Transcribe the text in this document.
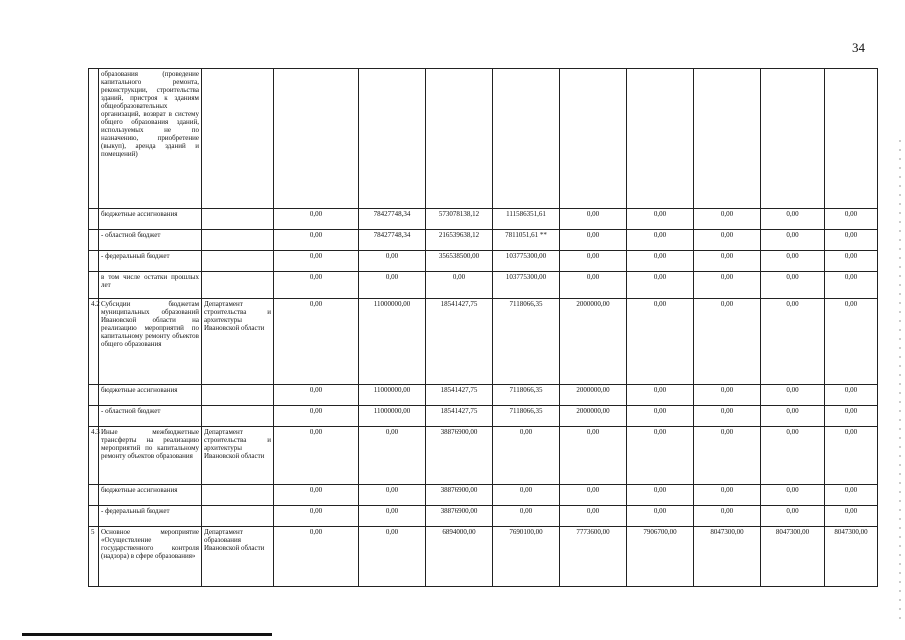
34
	образования (проведение капитального ремонта, реконструкции, строительства зданий, пристроя к зданиям общеобразовательных организаций, возврат в систему общего образования зданий, используемых не по назначению, приобретение (выкуп), аренда зданий и помещений)											
	бюджетные ассигнования		0,00	78427748,34	573078138,12	111586351,61	0,00	0,00	0,00	0,00	0,00	
	- областной бюджет		0,00	78427748,34	216539638,12	7811051,61 **	0,00	0,00	0,00	0,00	0,00	
	- федеральный бюджет		0,00	0,00	356538500,00	103775300,00	0,00	0,00	0,00	0,00	0,00	
	в том числе остатки прошлых лет		0,00	0,00	0,00	103775300,00	0,00	0,00	0,00	0,00	0,00	
4.2	Субсидии бюджетам муниципальных образований Ивановской области на реализацию мероприятий по капитальному ремонту объектов общего образования	Департамент строительства и архитектуры Ивановской области	0,00	11000000,00	18541427,75	7118066,35	2000000,00	0,00	0,00	0,00	0,00	
	бюджетные ассигнования		0,00	11000000,00	18541427,75	7118066,35	2000000,00	0,00	0,00	0,00	0,00	
	- областной бюджет		0,00	11000000,00	18541427,75	7118066,35	2000000,00	0,00	0,00	0,00	0,00	
4.3	Иные межбюджетные трансферты на реализацию мероприятий по капитальному ремонту объектов образования	Департамент строительства и архитектуры Ивановской области	0,00	0,00	38876900,00	0,00	0,00	0,00	0,00	0,00	0,00	
	бюджетные ассигнования		0,00	0,00	38876900,00	0,00	0,00	0,00	0,00	0,00	0,00	
	- федеральный бюджет		0,00	0,00	38876900,00	0,00	0,00	0,00	0,00	0,00	0,00	
5	Основное мероприятие «Осуществление государственного контроля (надзора) в сфере образования»	Департамент образования Ивановской области	0,00	0,00	6894000,00	7690100,00	7773600,00	7906700,00	8047300,00	8047300,00	8047300,00	
